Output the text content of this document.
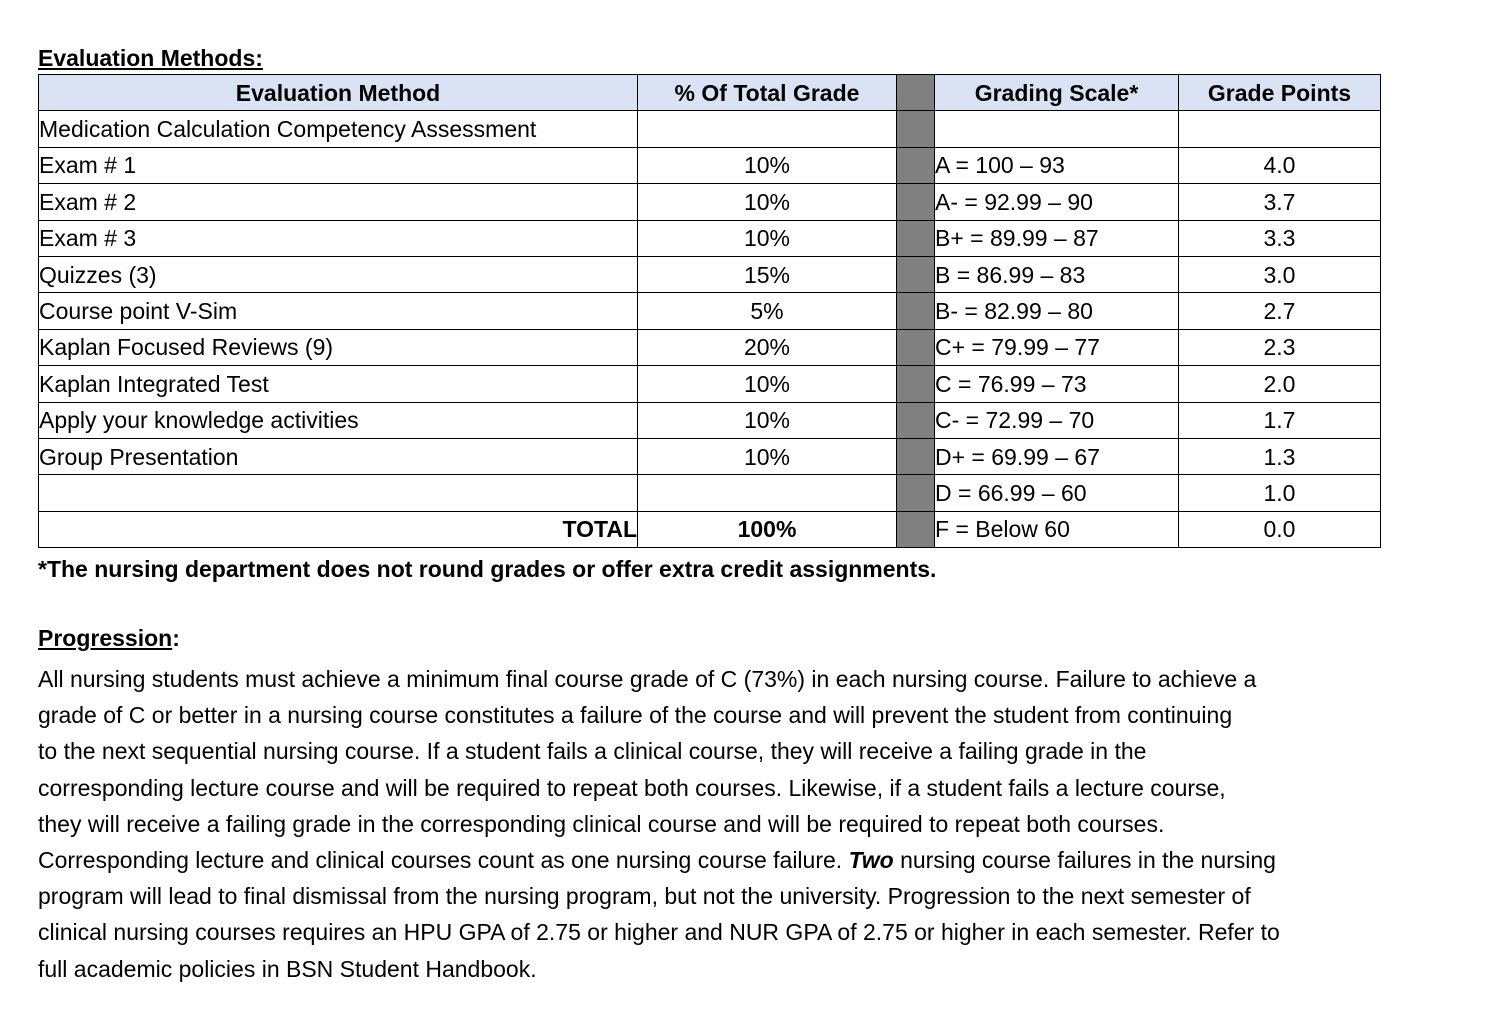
Evaluation Methods:
Evaluation Method	% Of Total Grade		Grading Scale*	Grade Points
Medication Calculation Competency Assessment				
Exam # 1	10%		A = 100 – 93	4.0
Exam # 2	10%		A- = 92.99 – 90	3.7
Exam # 3	10%		B+ = 89.99 – 87	3.3
Quizzes (3)	15%		B = 86.99 – 83	3.0
Course point V-Sim	5%		B- = 82.99 – 80	2.7
Kaplan Focused Reviews (9)	20%		C+ = 79.99 – 77	2.3
Kaplan Integrated Test	10%		C = 76.99 – 73	2.0
Apply your knowledge activities	10%		C- = 72.99 – 70	1.7
Group Presentation	10%		D+ = 69.99 – 67	1.3
			D = 66.99 – 60	1.0
TOTAL	100%		F = Below 60	0.0
*The nursing department does not round grades or offer extra credit assignments.
Progression:
All nursing students must achieve a minimum final course grade of C (73%) in each nursing course. Failure to achieve a
grade of C or better in a nursing course constitutes a failure of the course and will prevent the student from continuing
to the next sequential nursing course. If a student fails a clinical course, they will receive a failing grade in the
corresponding lecture course and will be required to repeat both courses. Likewise, if a student fails a lecture course,
they will receive a failing grade in the corresponding clinical course and will be required to repeat both courses.
Corresponding lecture and clinical courses count as one nursing course failure. Two nursing course failures in the nursing
program will lead to final dismissal from the nursing program, but not the university. Progression to the next semester of
clinical nursing courses requires an HPU GPA of 2.75 or higher and NUR GPA of 2.75 or higher in each semester. Refer to
full academic policies in BSN Student Handbook.
